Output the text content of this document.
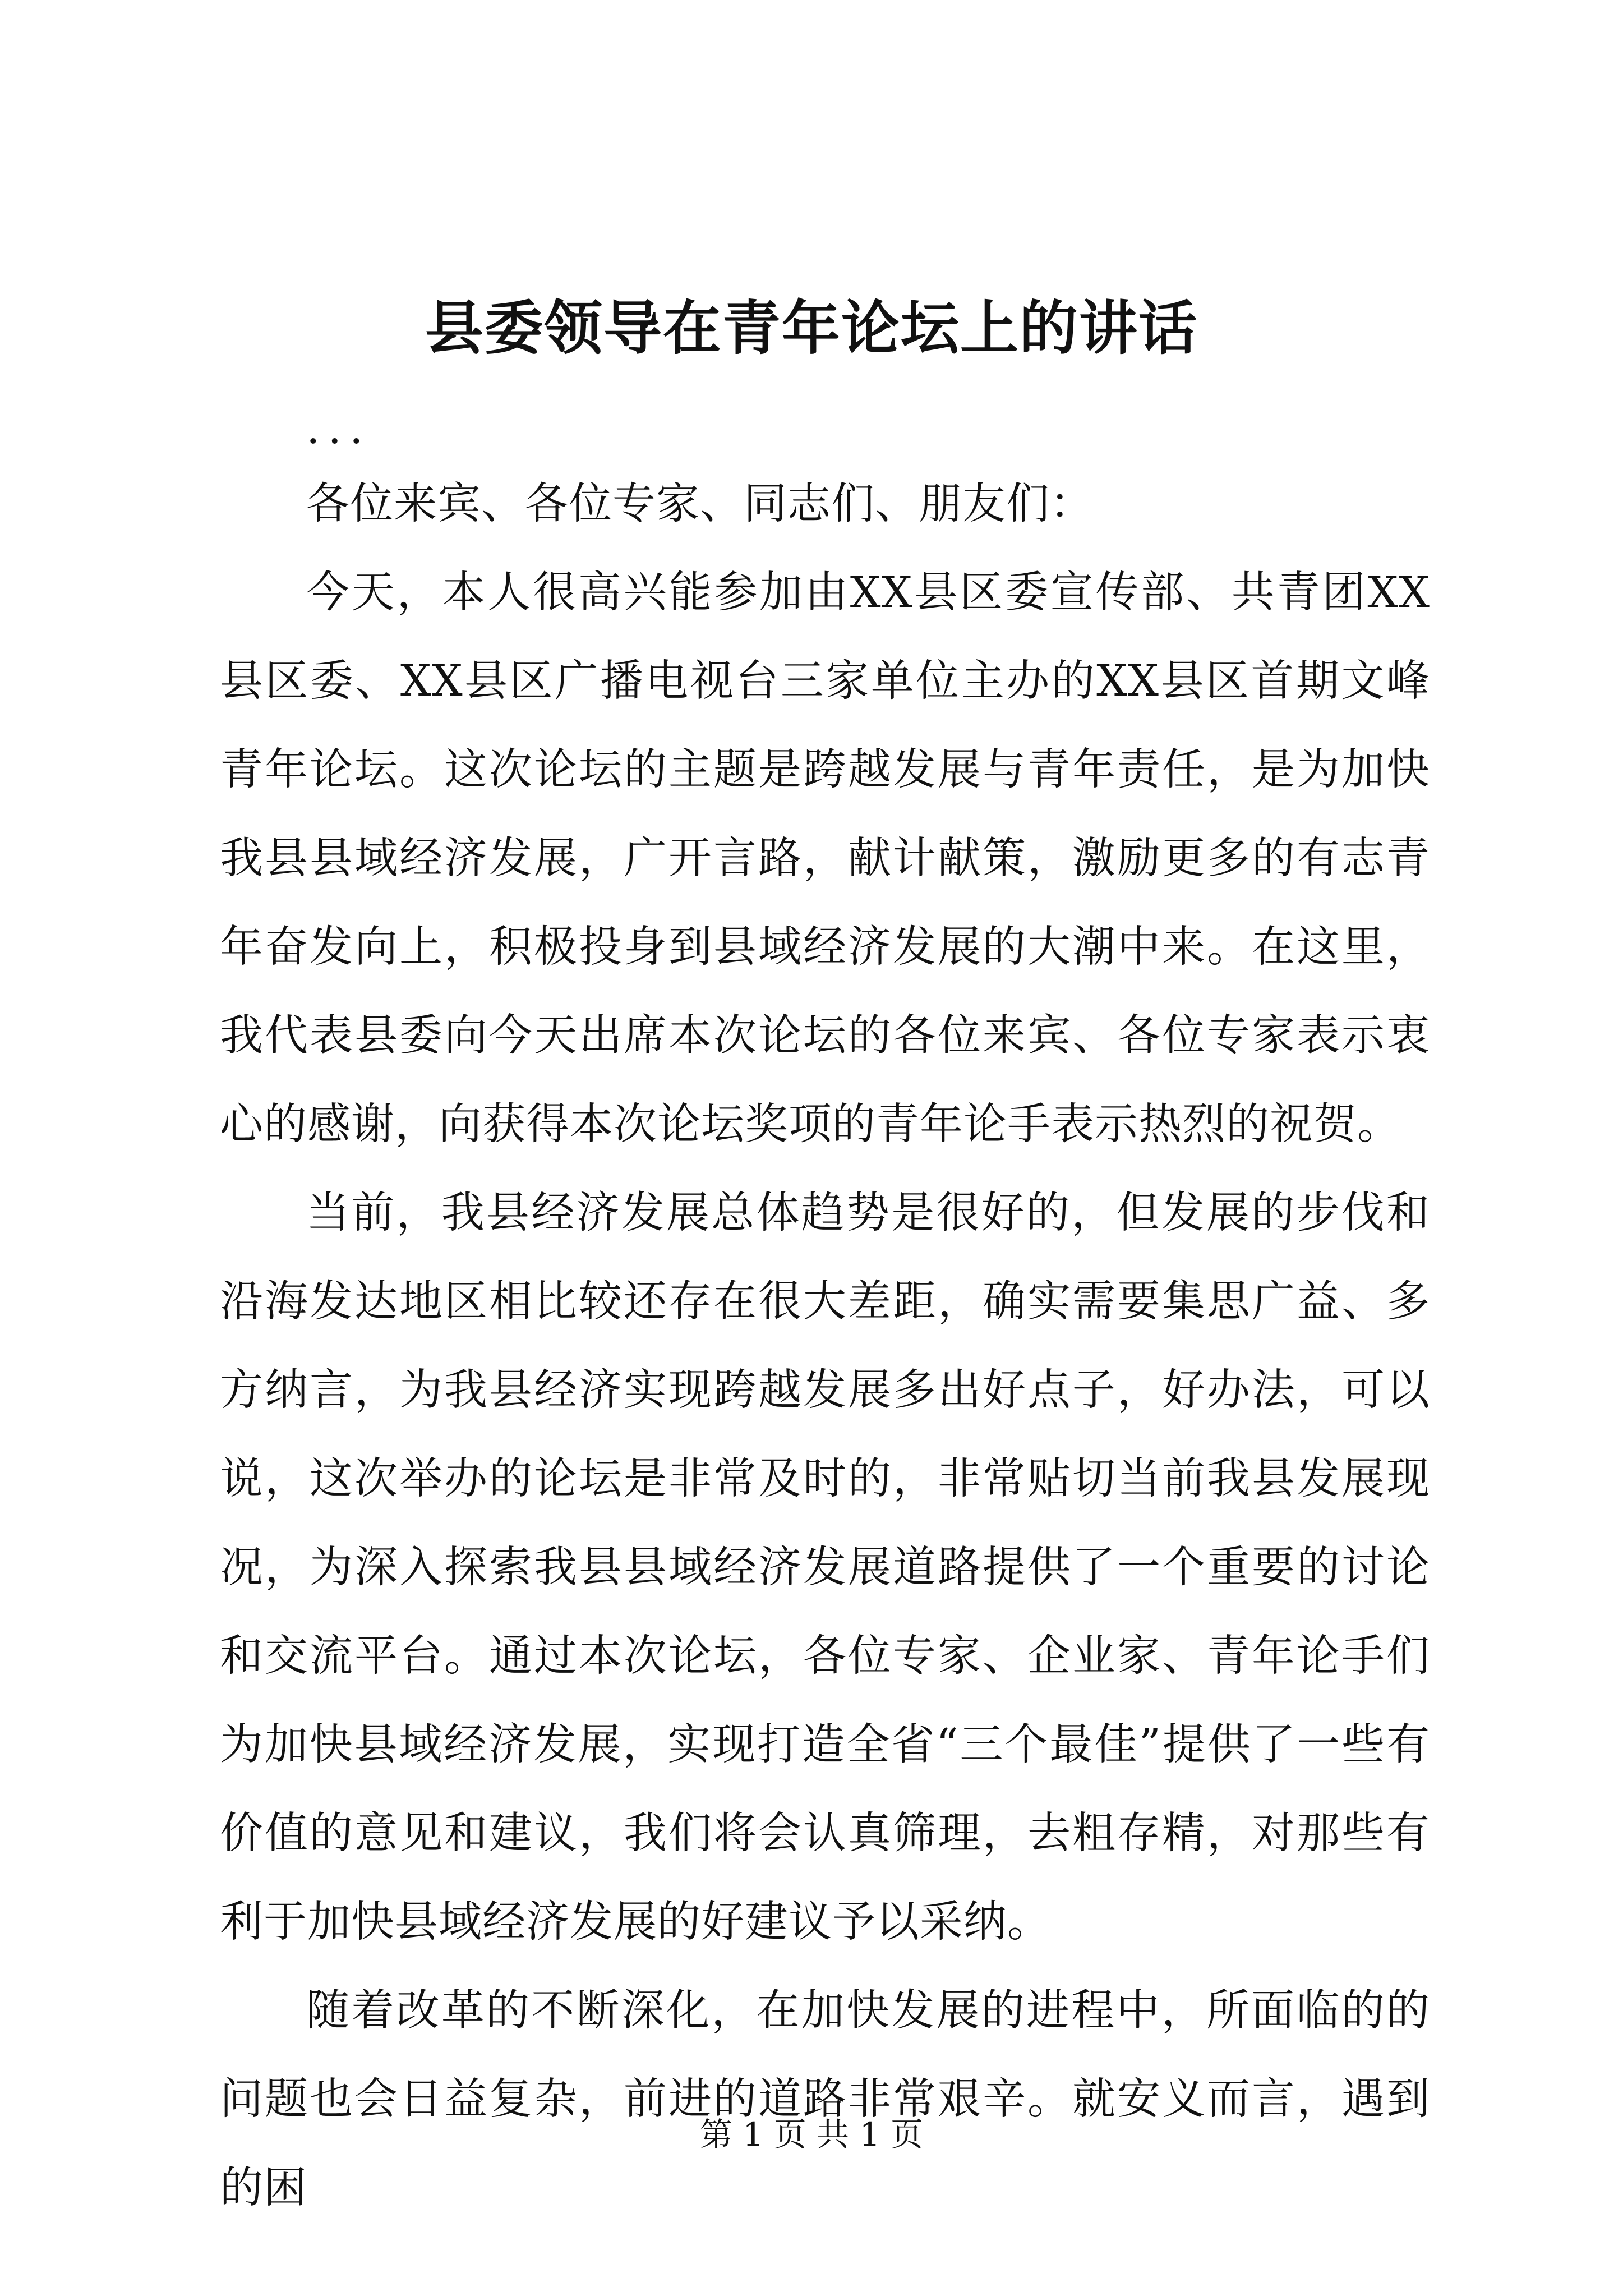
县委领导在青年论坛上的讲话

...

各位来宾、各位专家、同志们、朋友们：

今天，本人很高兴能参加由XX县区委宣传部、共青团XX县区委、XX县区广播电视台三家单位主办的XX县区首期文峰青年论坛。这次论坛的主题是跨越发展与青年责任，是为加快我县县域经济发展，广开言路，献计献策，激励更多的有志青年奋发向上，积极投身到县域经济发展的大潮中来。在这里，我代表县委向今天出席本次论坛的各位来宾、各位专家表示衷心的感谢，向获得本次论坛奖项的青年论手表示热烈的祝贺。

当前，我县经济发展总体趋势是很好的，但发展的步伐和沿海发达地区相比较还存在很大差距，确实需要集思广益、多方纳言，为我县经济实现跨越发展多出好点子，好办法，可以说，这次举办的论坛是非常及时的，非常贴切当前我县发展现况，为深入探索我县县域经济发展道路提供了一个重要的讨论和交流平台。通过本次论坛，各位专家、企业家、青年论手们为加快县域经济发展，实现打造全省“三个最佳”提供了一些有价值的意见和建议，我们将会认真筛理，去粗存精，对那些有利于加快县域经济发展的好建议予以采纳。

随着改革的不断深化，在加快发展的进程中，所面临的的问题也会日益复杂，前进的道路非常艰辛。就安义而言，遇到的困

第 1 页 共 1 页
